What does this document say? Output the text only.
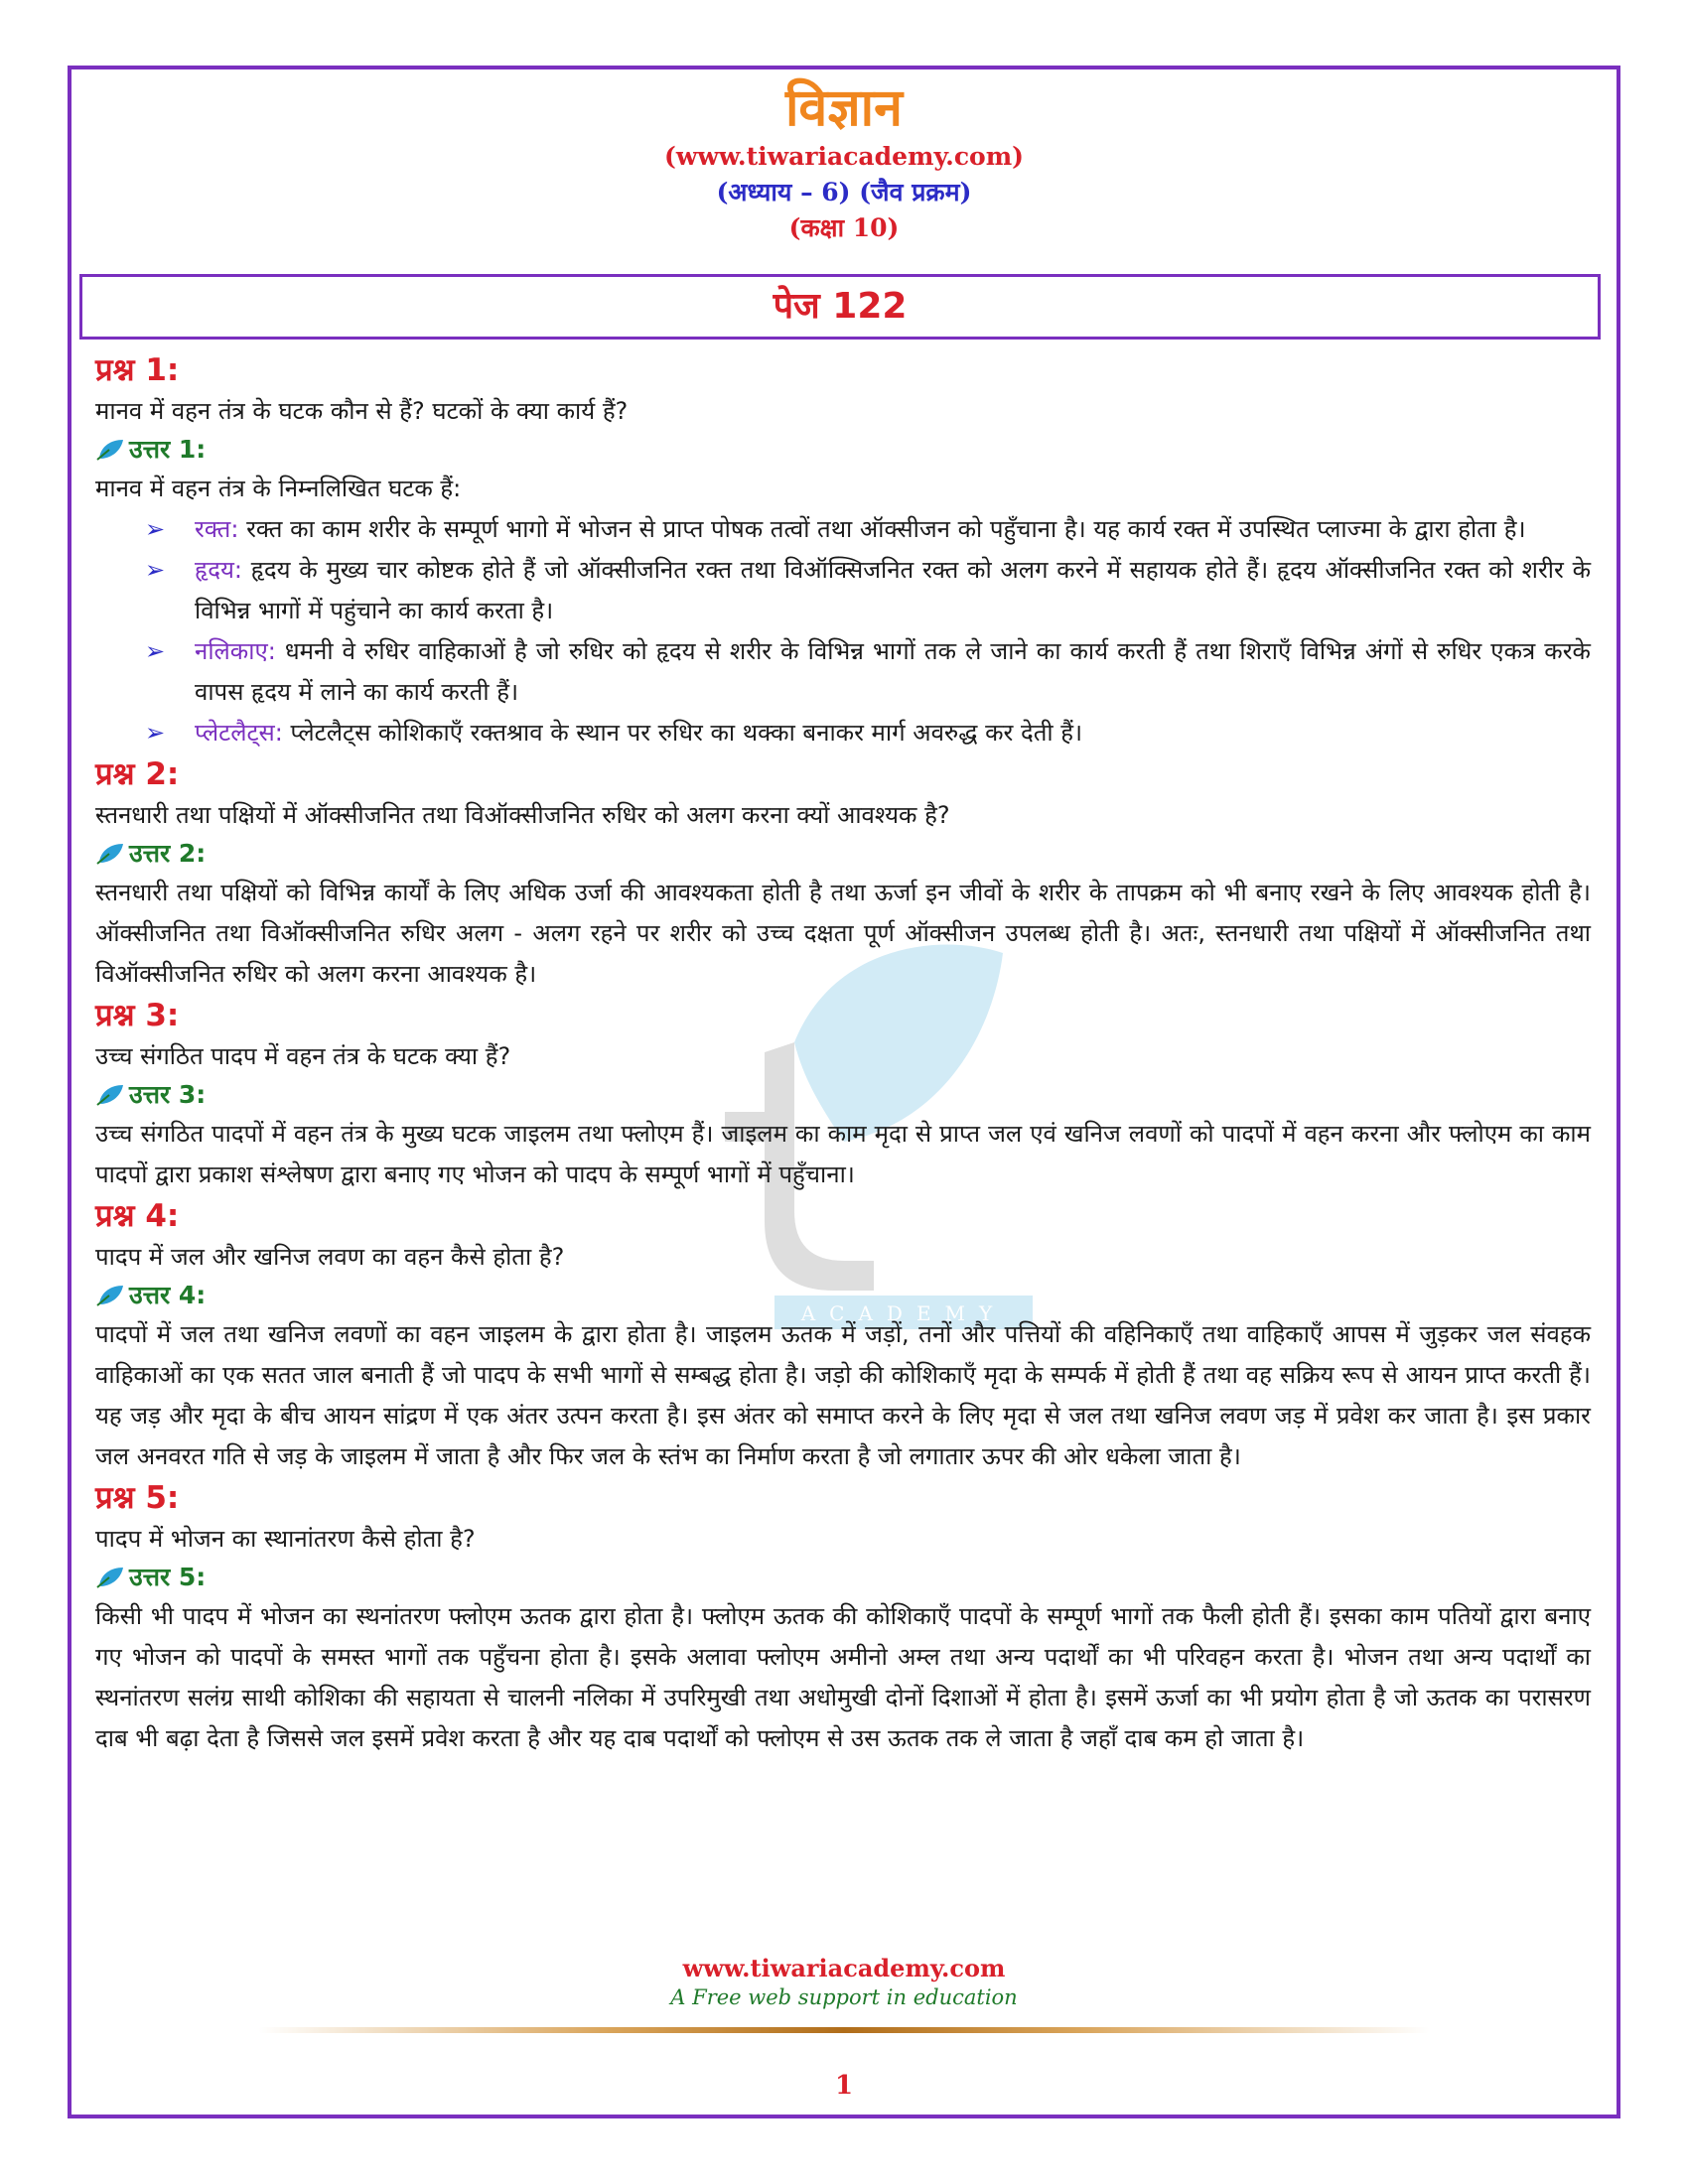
ACADEMY
विज्ञान
(www.tiwariacademy.com)
(अध्याय – 6) (जैव प्रक्रम)
(कक्षा 10)
पेज 122
प्रश्न 1:
मानव में वहन तंत्र के घटक कौन से हैं? घटकों के क्या कार्य हैं?
उत्तर 1:
मानव में वहन तंत्र के निम्नलिखित घटक हैं:
➢ रक्त: रक्त का काम शरीर के सम्पूर्ण भागो में भोजन से प्राप्त पोषक तत्वों तथा ऑक्सीजन को पहुँचाना है। यह कार्य रक्त में उपस्थित प्लाज्मा के द्वारा होता है।
➢ हृदय: हृदय के मुख्य चार कोष्टक होते हैं जो ऑक्सीजनित रक्त तथा विऑक्सिजनित रक्त को अलग करने में सहायक होते हैं। हृदय ऑक्सीजनित रक्त को शरीर के विभिन्न भागों में पहुंचाने का कार्य करता है।
➢ नलिकाए: धमनी वे रुधिर वाहिकाओं है जो रुधिर को हृदय से शरीर के विभिन्न भागों तक ले जाने का कार्य करती हैं तथा शिराएँ विभिन्न अंगों से रुधिर एकत्र करके वापस हृदय में लाने का कार्य करती हैं।
➢ प्लेटलैट्स: प्लेटलैट्स कोशिकाएँ रक्तश्राव के स्थान पर रुधिर का थक्का बनाकर मार्ग अवरुद्ध कर देती हैं।
प्रश्न 2:
स्तनधारी तथा पक्षियों में ऑक्सीजनित तथा विऑक्सीजनित रुधिर को अलग करना क्यों आवश्यक है?
उत्तर 2:
स्तनधारी तथा पक्षियों को विभिन्न कार्यों के लिए अधिक उर्जा की आवश्यकता होती है तथा ऊर्जा इन जीवों के शरीर के तापक्रम को भी बनाए रखने के लिए आवश्यक होती है। ऑक्सीजनित तथा विऑक्सीजनित रुधिर अलग - अलग रहने पर शरीर को उच्च दक्षता पूर्ण ऑक्सीजन उपलब्ध होती है। अतः, स्तनधारी तथा पक्षियों में ऑक्सीजनित तथा विऑक्सीजनित रुधिर को अलग करना आवश्यक है।
प्रश्न 3:
उच्च संगठित पादप में वहन तंत्र के घटक क्या हैं?
उत्तर 3:
उच्च संगठित पादपों में वहन तंत्र के मुख्य घटक जाइलम तथा फ्लोएम हैं। जाइलम का काम मृदा से प्राप्त जल एवं खनिज लवणों को पादपों में वहन करना और फ्लोएम का काम पादपों द्वारा प्रकाश संश्लेषण द्वारा बनाए गए भोजन को पादप के सम्पूर्ण भागों में पहुँचाना।
प्रश्न 4:
पादप में जल और खनिज लवण का वहन कैसे होता है?
उत्तर 4:
पादपों में जल तथा खनिज लवणों का वहन जाइलम के द्वारा होता है। जाइलम ऊतक में जड़ों, तनों और पत्तियों की वहिनिकाएँ तथा वाहिकाएँ आपस में जुड़कर जल संवहक वाहिकाओं का एक सतत जाल बनाती हैं जो पादप के सभी भागों से सम्बद्ध होता है। जड़ो की कोशिकाएँ मृदा के सम्पर्क में होती हैं तथा वह सक्रिय रूप से आयन प्राप्त करती हैं। यह जड़ और मृदा के बीच आयन सांद्रण में एक अंतर उत्पन करता है। इस अंतर को समाप्त करने के लिए मृदा से जल तथा खनिज लवण जड़ में प्रवेश कर जाता है। इस प्रकार जल अनवरत गति से जड़ के जाइलम में जाता है और फिर जल के स्तंभ का निर्माण करता है जो लगातार ऊपर की ओर धकेला जाता है।
प्रश्न 5:
पादप में भोजन का स्थानांतरण कैसे होता है?
उत्तर 5:
किसी भी पादप में भोजन का स्थनांतरण फ्लोएम ऊतक द्वारा होता है। फ्लोएम ऊतक की कोशिकाएँ पादपों के सम्पूर्ण भागों तक फैली होती हैं। इसका काम पतियों द्वारा बनाए गए भोजन को पादपों के समस्त भागों तक पहुँचना होता है। इसके अलावा फ्लोएम अमीनो अम्ल तथा अन्य पदार्थों का भी परिवहन करता है। भोजन तथा अन्य पदार्थों का स्थनांतरण सलंग्र साथी कोशिका की सहायता से चालनी नलिका में उपरिमुखी तथा अधोमुखी दोनों दिशाओं में होता है। इसमें ऊर्जा का भी प्रयोग होता है जो ऊतक का परासरण दाब भी बढ़ा देता है जिससे जल इसमें प्रवेश करता है और यह दाब पदार्थों को फ्लोएम से उस ऊतक तक ले जाता है जहाँ दाब कम हो जाता है।
www.tiwariacademy.com
A Free web support in education
1
